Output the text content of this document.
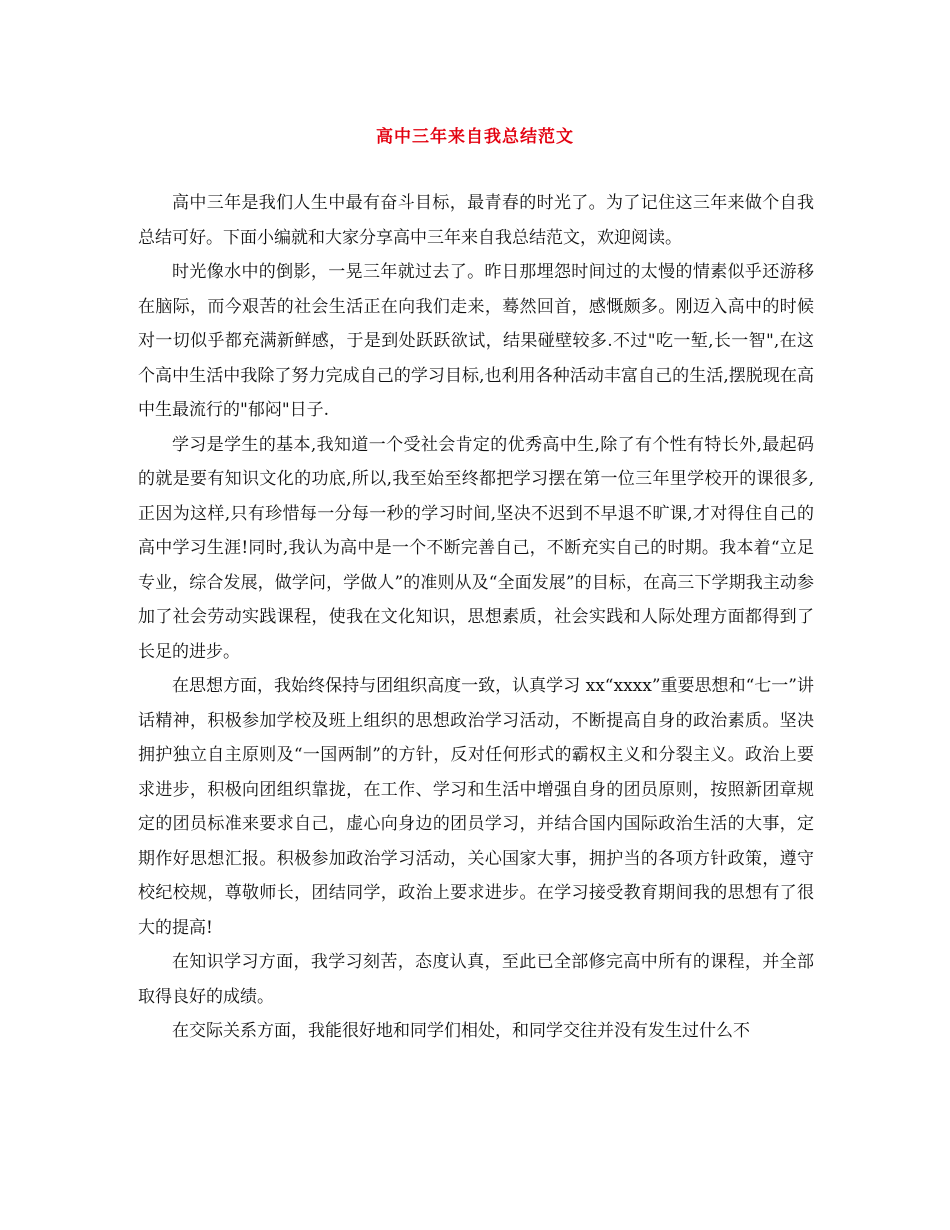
高中三年来自我总结范文

高中三年是我们人生中最有奋斗目标，最青春的时光了。为了记住这三年来做个自我总结可好。下面小编就和大家分享高中三年来自我总结范文，欢迎阅读。

时光像水中的倒影，一晃三年就过去了。昨日那埋怨时间过的太慢的情素似乎还游移在脑际，而今艰苦的社会生活正在向我们走来，蓦然回首，感慨颇多。刚迈入高中的时候对一切似乎都充满新鲜感，于是到处跃跃欲试，结果碰壁较多.不过"吃一堑,长一智",在这个高中生活中我除了努力完成自己的学习目标,也利用各种活动丰富自己的生活,摆脱现在高中生最流行的"郁闷"日子.

学习是学生的基本,我知道一个受社会肯定的优秀高中生,除了有个性有特长外,最起码的就是要有知识文化的功底,所以,我至始至终都把学习摆在第一位三年里学校开的课很多,正因为这样,只有珍惜每一分每一秒的学习时间,坚决不迟到不早退不旷课,才对得住自己的高中学习生涯!同时,我认为高中是一个不断完善自己，不断充实自己的时期。我本着“立足专业，综合发展，做学问，学做人”的准则从及“全面发展”的目标，在高三下学期我主动参加了社会劳动实践课程，使我在文化知识，思想素质，社会实践和人际处理方面都得到了长足的进步。

在思想方面，我始终保持与团组织高度一致，认真学习 xx“xxxx”重要思想和“七一”讲话精神，积极参加学校及班上组织的思想政治学习活动，不断提高自身的政治素质。坚决拥护独立自主原则及“一国两制”的方针，反对任何形式的霸权主义和分裂主义。政治上要求进步，积极向团组织靠拢，在工作、学习和生活中增强自身的团员原则，按照新团章规定的团员标准来要求自己，虚心向身边的团员学习，并结合国内国际政治生活的大事，定期作好思想汇报。积极参加政治学习活动，关心国家大事，拥护当的各项方针政策，遵守校纪校规，尊敬师长，团结同学，政治上要求进步。在学习接受教育期间我的思想有了很大的提高!

在知识学习方面，我学习刻苦，态度认真，至此已全部修完高中所有的课程，并全部取得良好的成绩。

在交际关系方面，我能很好地和同学们相处，和同学交往并没有发生过什么不
